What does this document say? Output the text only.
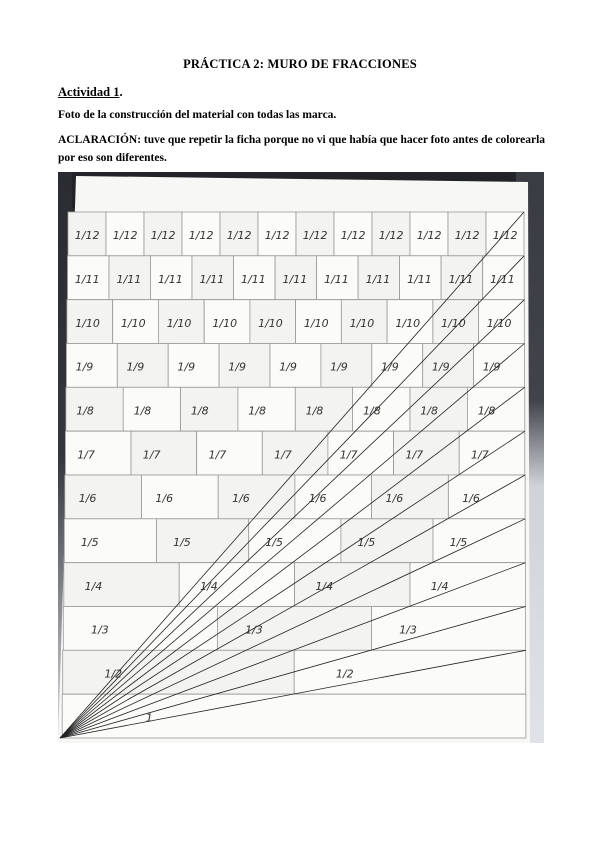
PRÁCTICA 2: MURO DE FRACCIONES
Actividad 1.
Foto de la construcción del material con todas las marca.
ACLARACIÓN: tuve que repetir la ficha porque no vi que había que hacer foto antes de colorearla por eso son diferentes.
1/12 1/12 1/12 1/12 1/12 1/12 1/12 1/12 1/12 1/12 1/12 1/12
1/11 1/11 1/11 1/11 1/11 1/11 1/11 1/11 1/11 1/11 1/11
1/10 1/10 1/10 1/10 1/10 1/10 1/10 1/10 1/10 1/10
1/9	1/9	1/9	1/9	1/9	1/9	1/9	1/9	1/9
1/8	1/8	1/8	1/8	1/8	1/8	1/8	1/8
1/7	1/7	1/7	1/7	1/7	1/7	1/7
1/6	1/6	1/6	1/6	1/6	1/6
1/5	1/5	1/5	1/5	1/5
1/4	1/4	1/4	1/4
1/3	1/3	1/3
1/2	1/2
1
